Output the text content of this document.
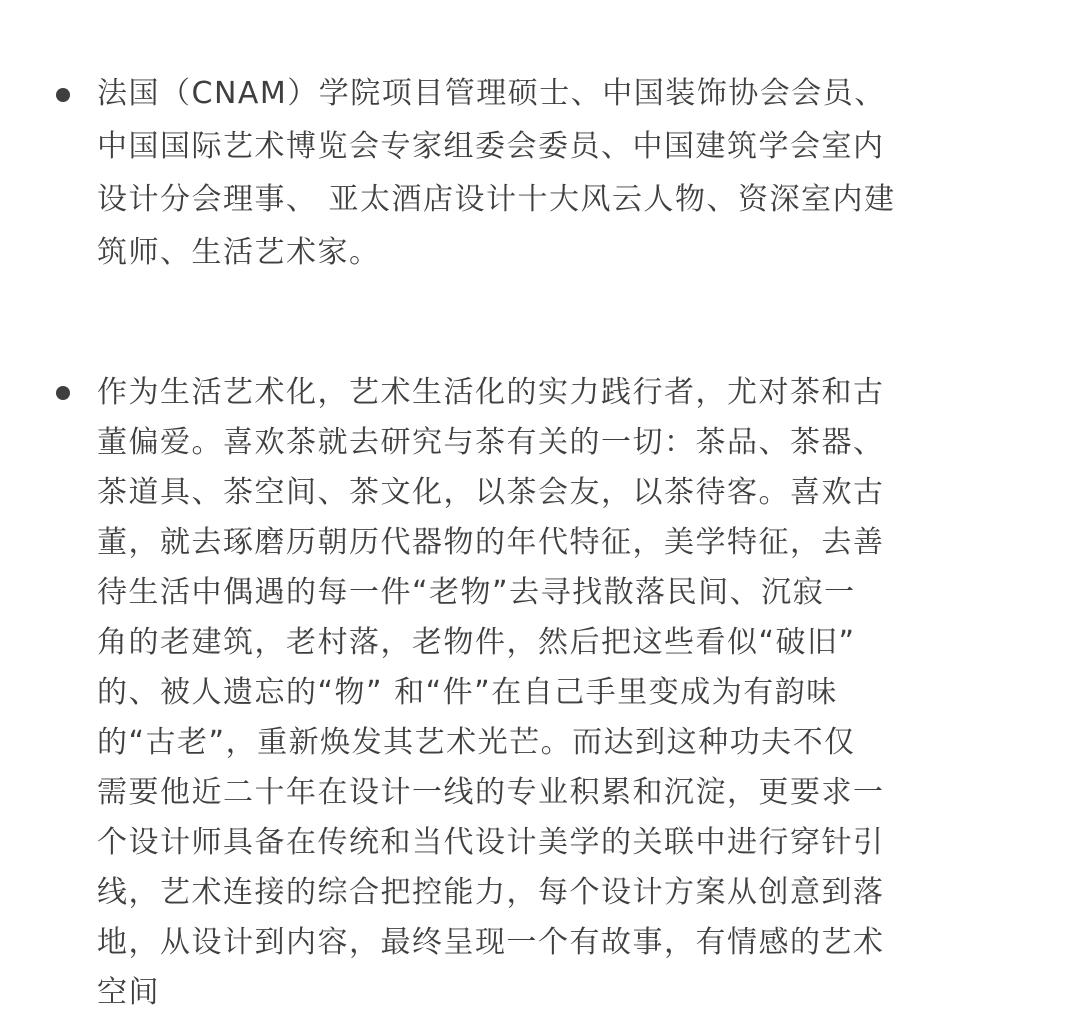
法国（CNAM）学院项目管理硕士、中国装饰协会会员、

中国国际艺术博览会专家组委会委员、中国建筑学会室内

设计分会理事、 亚太酒店设计十大风云人物、资深室内建

筑师、生活艺术家。

作为生活艺术化，艺术生活化的实力践行者，尤对茶和古

董偏爱。喜欢茶就去研究与茶有关的一切：茶品、茶器、

茶道具、茶空间、茶文化，以茶会友，以茶待客。喜欢古

董，就去琢磨历朝历代器物的年代特征，美学特征，去善

待生活中偶遇的每一件“老物”去寻找散落民间、沉寂一

角的老建筑，老村落，老物件，然后把这些看似“破旧”

的、被人遗忘的“物” 和“件”在自己手里变成为有韵味

的“古老”，重新焕发其艺术光芒。而达到这种功夫不仅

需要他近二十年在设计一线的专业积累和沉淀，更要求一

个设计师具备在传统和当代设计美学的关联中进行穿针引

线，艺术连接的综合把控能力，每个设计方案从创意到落

地，从设计到内容，最终呈现一个有故事，有情感的艺术

空间
